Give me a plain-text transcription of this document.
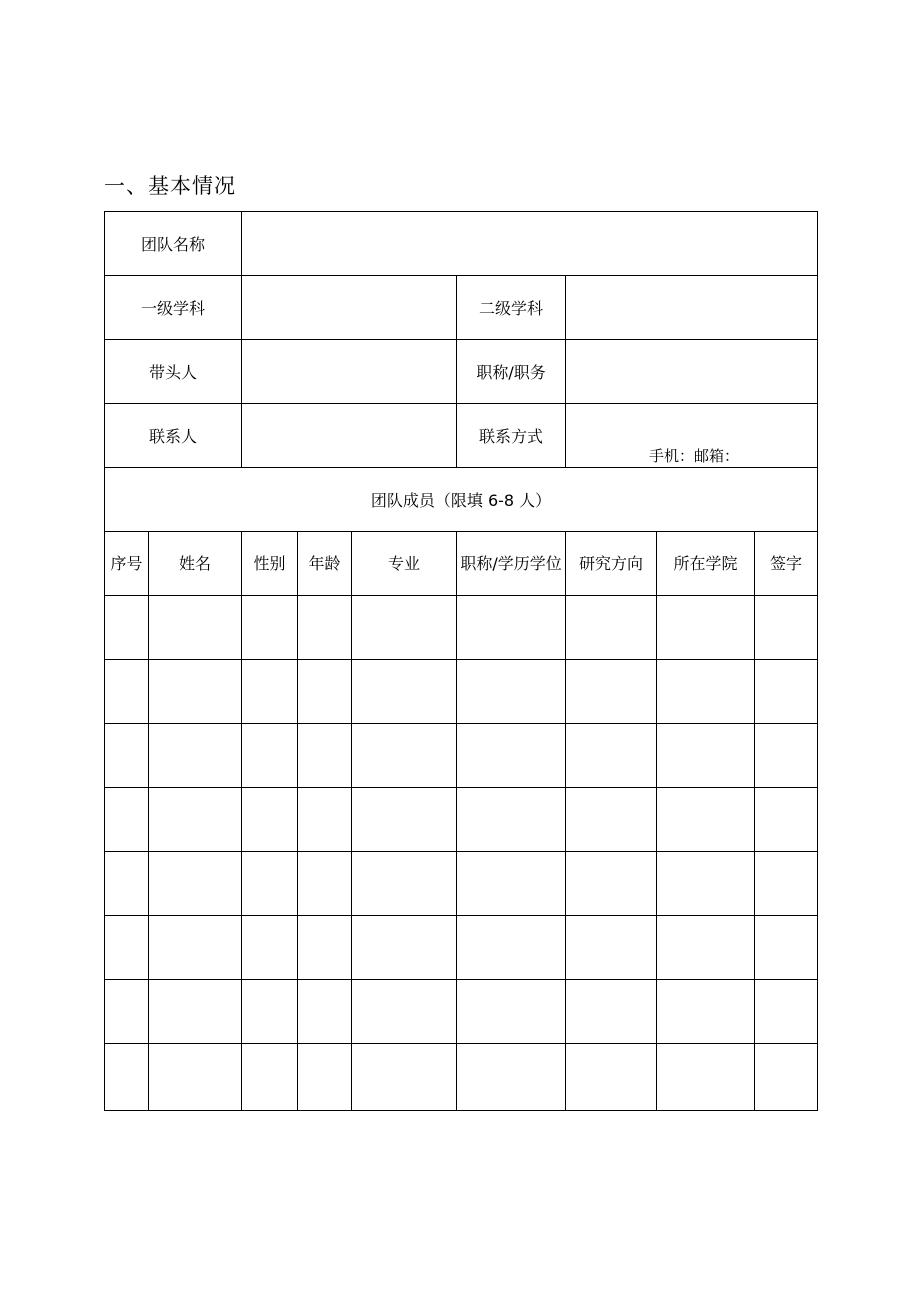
一、基本情况
团队名称								
一级学科					二级学科			
带头人					职称/职务			
联系人					联系方式	手机：邮箱：		

团队成员（限填 6-8 人）								
序号	姓名	性别	年龄	专业	职称/学历学位	研究方向	所在学院	签字
